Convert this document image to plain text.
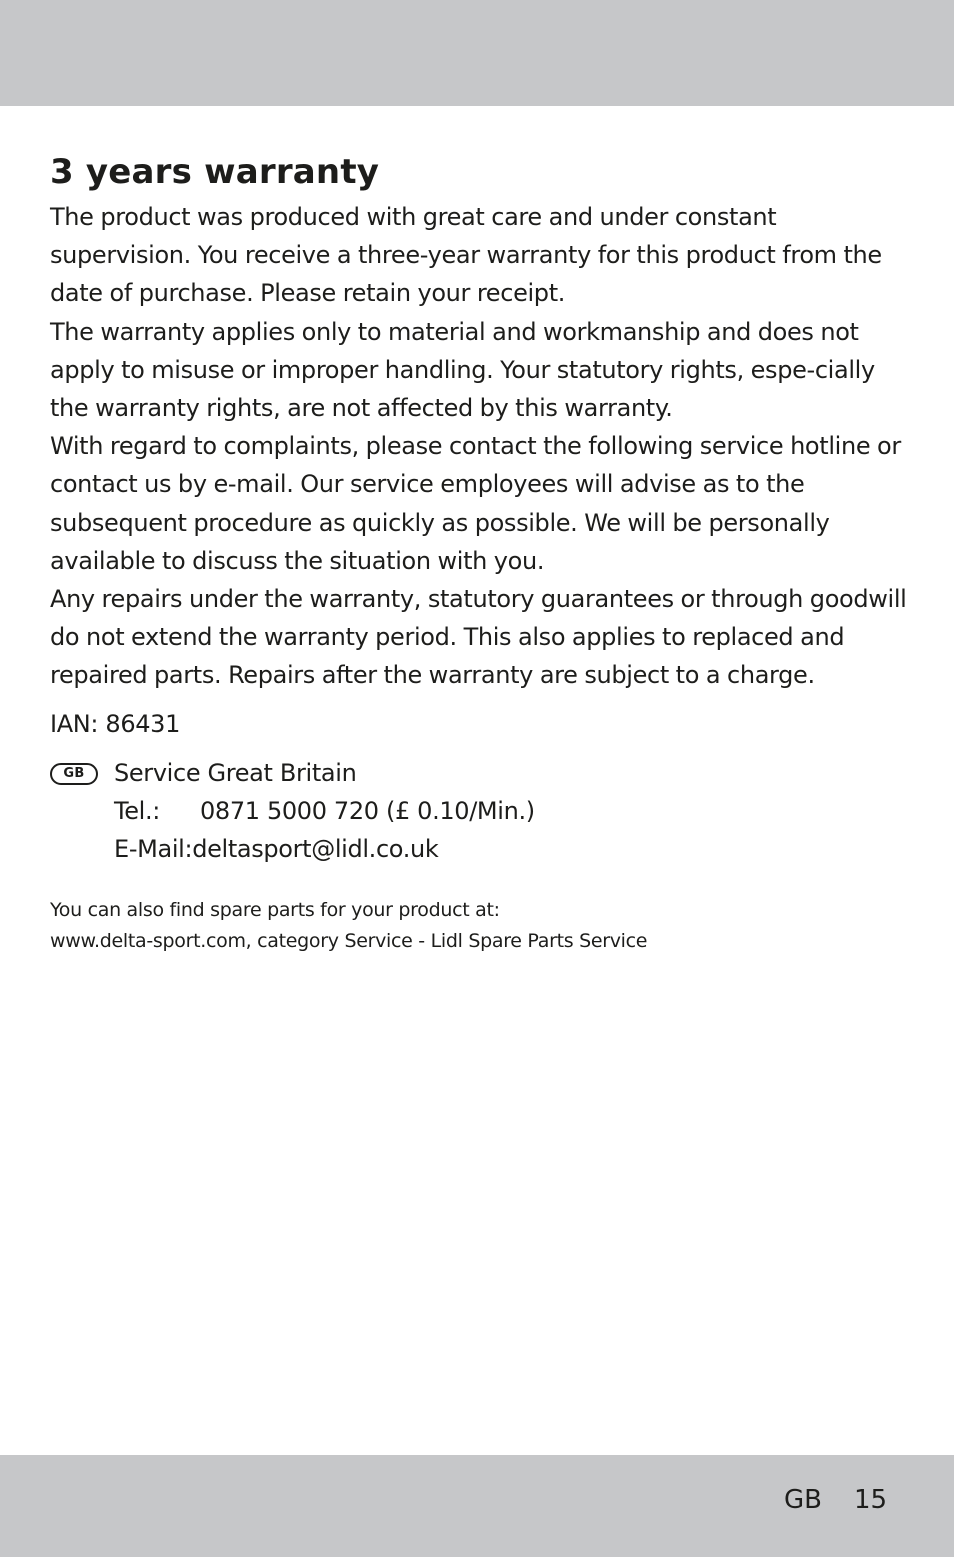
3 years warranty

The product was produced with great care and under constant supervision. You receive a three-year warranty for this product from the date of purchase. Please retain your receipt.

The warranty applies only to material and workmanship and does not apply to misuse or improper handling. Your statutory rights, espe-cially the warranty rights, are not affected by this warranty.

With regard to complaints, please contact the following service hotline or contact us by e-mail. Our service employees will advise as to the subsequent procedure as quickly as possible. We will be personally available to discuss the situation with you.

Any repairs under the warranty, statutory guarantees or through goodwill do not extend the warranty period. This also applies to replaced and repaired parts. Repairs after the warranty are subject to a charge.

IAN: 86431

GB	Service Great Britain
Tel.: 0871 5000 720 (£ 0.10/Min.)
E-Mail:deltasport@lidl.co.uk
You can also find spare parts for your product at:
www.delta-sport.com, category Service - Lidl Spare Parts Service
GB 15
